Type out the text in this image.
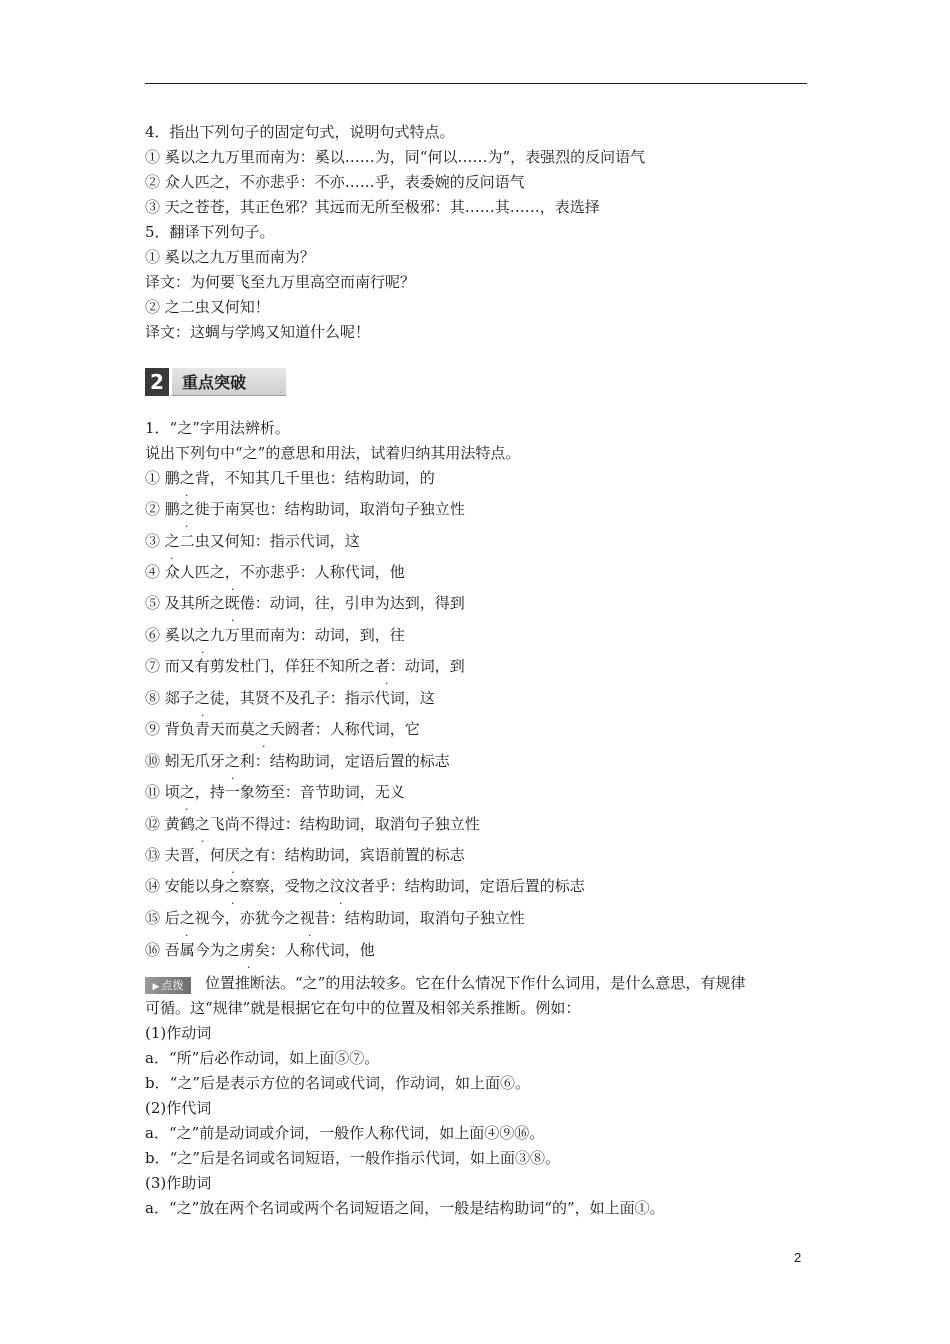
4．指出下列句子的固定句式，说明句式特点。
① 奚以之九万里而南为：奚以……为，同“何以……为”，表强烈的反问语气
② 众人匹之，不亦悲乎：不亦……乎，表委婉的反问语气
③ 天之苍苍，其正色邪？其远而无所至极邪：其……其……，表选择
5．翻译下列句子。
① 奚以之九万里而南为？
译文：为何要飞至九万里高空而南行呢？
② 之二虫又何知！
译文：这蜩与学鸠又知道什么呢！
2	重点突破
1．“之”字用法辨析。
说出下列句中“之”的意思和用法，试着归纳其用法特点。
① 鹏之背，不知其几千里也：结构助词，的
② 鹏之徙于南冥也：结构助词，取消句子独立性
③ 之二虫又何知：指示代词，这
④ 众人匹之，不亦悲乎：人称代词，他
⑤ 及其所之既倦：动词，往，引申为达到，得到
⑥ 奚以之九万里而南为：动词，到，往
⑦ 而又有剪发杜门，佯狂不知所之者：动词，到
⑧ 郯子之徒，其贤不及孔子：指示代词，这
⑨ 背负青天而莫之夭阏者：人称代词，它
⑩ 蚓无爪牙之利：结构助词，定语后置的标志
⑪ 顷之，持一象笏至：音节助词，无义
⑫ 黄鹤之飞尚不得过：结构助词，取消句子独立性
⑬ 夫晋，何厌之有：结构助词，宾语前置的标志
⑭ 安能以身之察察，受物之汶汶者乎：结构助词，定语后置的标志
⑮ 后之视今，亦犹今之视昔：结构助词，取消句子独立性
⑯ 吾属今为之虏矣：人称代词，他
.
.
.
.
.
.
.
.
.
.
.
.
.
.	.
.	.
.
▶ 点拨 位置推断法。“之”的用法较多。它在什么情况下作什么词用，是什么意思，有规律
可循。这“规律”就是根据它在句中的位置及相邻关系推断。例如：
(1)作动词
a．“所”后必作动词，如上面⑤⑦。
b．“之”后是表示方位的名词或代词，作动词，如上面⑥。
(2)作代词
a．“之”前是动词或介词，一般作人称代词，如上面④⑨⑯。
b．“之”后是名词或名词短语，一般作指示代词，如上面③⑧。
(3)作助词
a．“之”放在两个名词或两个名词短语之间，一般是结构助词“的”，如上面①。
2
